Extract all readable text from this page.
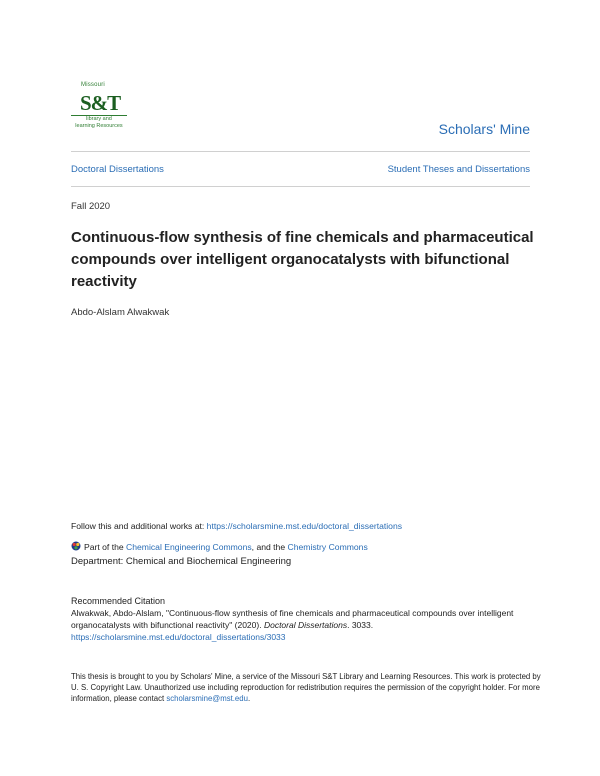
Missouri
S&T
library and
learning Resources	Scholars' Mine
Doctoral Dissertations	Student Theses and Dissertations
Fall 2020
Continuous-flow synthesis of fine chemicals and pharmaceutical compounds over intelligent organocatalysts with bifunctional reactivity
Abdo-Alslam Alwakwak
Follow this and additional works at: https://scholarsmine.mst.edu/doctoral_dissertations
Part of the Chemical Engineering Commons, and the Chemistry Commons
Department: Chemical and Biochemical Engineering
Recommended Citation
Alwakwak, Abdo-Alslam, "Continuous-flow synthesis of fine chemicals and pharmaceutical compounds over intelligent organocatalysts with bifunctional reactivity" (2020). Doctoral Dissertations. 3033.
https://scholarsmine.mst.edu/doctoral_dissertations/3033
This thesis is brought to you by Scholars' Mine, a service of the Missouri S&T Library and Learning Resources. This work is protected by U. S. Copyright Law. Unauthorized use including reproduction for redistribution requires the permission of the copyright holder. For more information, please contact scholarsmine@mst.edu.
